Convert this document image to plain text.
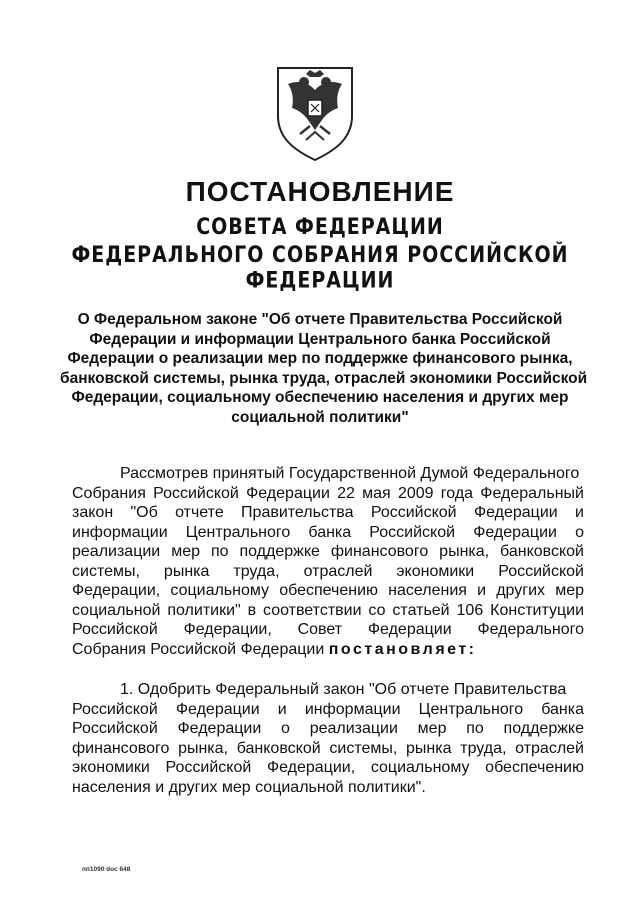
ПОСТАНОВЛЕНИЕ
СОВЕТА ФЕДЕРАЦИИ
ФЕДЕРАЛЬНОГО СОБРАНИЯ РОССИЙСКОЙ ФЕДЕРАЦИИ
О Федеральном законе "Об отчете Правительства Российской
Федерации и информации Центрального банка Российской
Федерации о реализации мер по поддержке финансового рынка,
банковской системы, рынка труда, отраслей экономики Российской
Федерации, социальному обеспечению населения и других мер
социальной политики"
Рассмотрев принятый Государственной Думой Федерального
Собрания Российской Федерации 22 мая 2009 года Федеральный
закон "Об отчете Правительства Российской Федерации и
информации Центрального банка Российской Федерации о
реализации мер по поддержке финансового рынка, банковской
системы, рынка труда, отраслей экономики Российской
Федерации, социальному обеспечению населения и других мер
социальной политики" в соответствии со статьей 106 Конституции
Российской Федерации, Совет Федерации Федерального
Собрания Российской Федерации постановляет:
1. Одобрить Федеральный закон "Об отчете Правительства
Российской Федерации и информации Центрального банка
Российской Федерации о реализации мер по поддержке
финансового рынка, банковской системы, рынка труда, отраслей
экономики Российской Федерации, социальному обеспечению
населения и других мер социальной политики".
пп1090 doc 648
